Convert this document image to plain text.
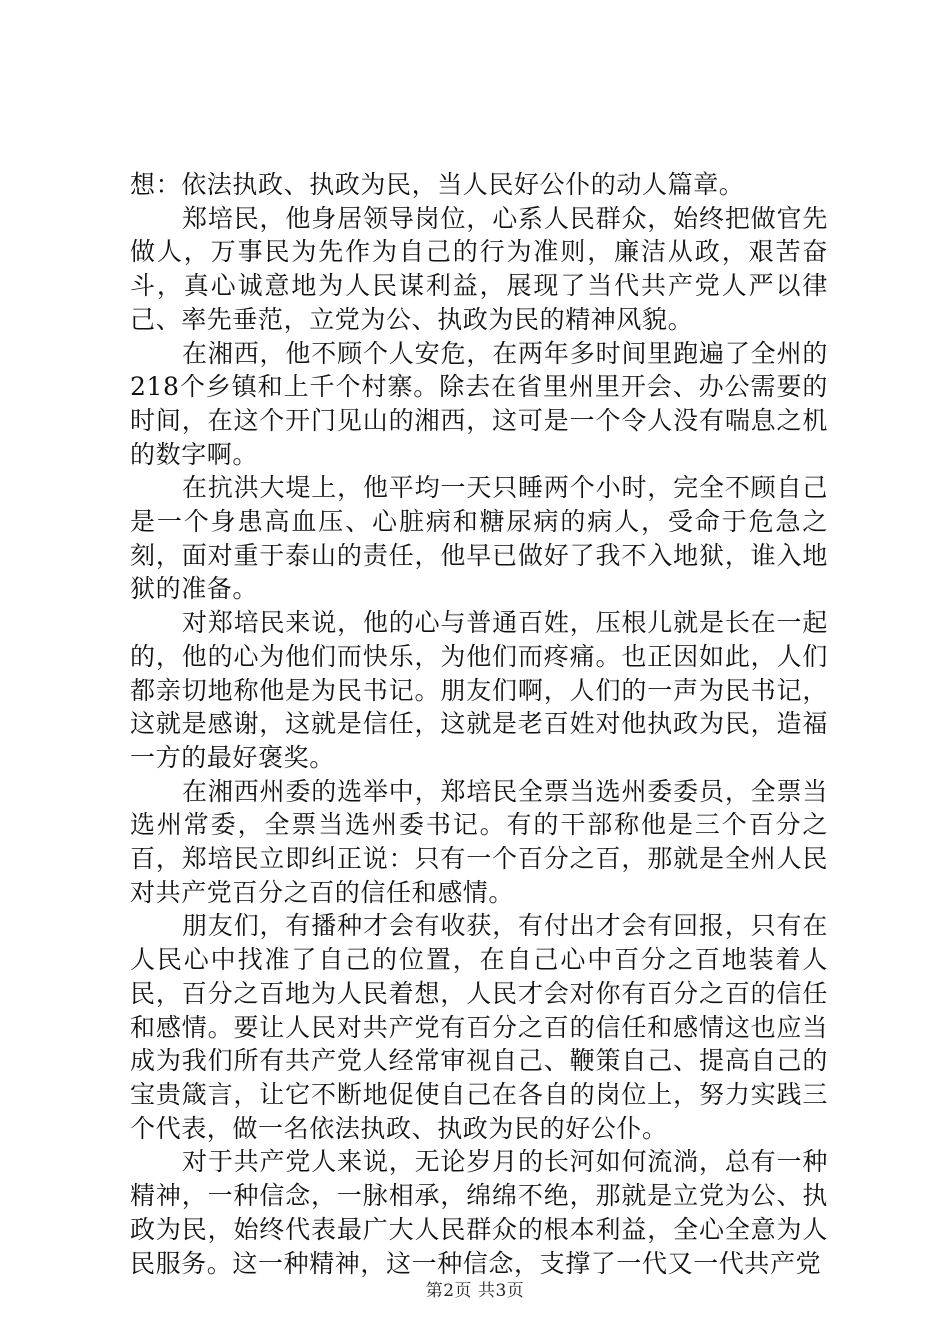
想：依法执政、执政为民，当人民好公仆的动人篇章。

郑培民，他身居领导岗位，心系人民群众，始终把做官先做人，万事民为先作为自己的行为准则，廉洁从政，艰苦奋斗，真心诚意地为人民谋利益，展现了当代共产党人严以律己、率先垂范，立党为公、执政为民的精神风貌。

在湘西，他不顾个人安危，在两年多时间里跑遍了全州的218个乡镇和上千个村寨。除去在省里州里开会、办公需要的时间，在这个开门见山的湘西，这可是一个令人没有喘息之机的数字啊。

在抗洪大堤上，他平均一天只睡两个小时，完全不顾自己是一个身患高血压、心脏病和糖尿病的病人，受命于危急之刻，面对重于泰山的责任，他早已做好了我不入地狱，谁入地狱的准备。

对郑培民来说，他的心与普通百姓，压根儿就是长在一起的，他的心为他们而快乐，为他们而疼痛。也正因如此，人们都亲切地称他是为民书记。朋友们啊，人们的一声为民书记，这就是感谢，这就是信任，这就是老百姓对他执政为民，造福一方的最好褒奖。

在湘西州委的选举中，郑培民全票当选州委委员，全票当选州常委，全票当选州委书记。有的干部称他是三个百分之百，郑培民立即纠正说：只有一个百分之百，那就是全州人民对共产党百分之百的信任和感情。

朋友们，有播种才会有收获，有付出才会有回报，只有在人民心中找准了自己的位置，在自己心中百分之百地装着人民，百分之百地为人民着想，人民才会对你有百分之百的信任和感情。要让人民对共产党有百分之百的信任和感情这也应当成为我们所有共产党人经常审视自己、鞭策自己、提高自己的宝贵箴言，让它不断地促使自己在各自的岗位上，努力实践三个代表，做一名依法执政、执政为民的好公仆。

对于共产党人来说，无论岁月的长河如何流淌，总有一种精神，一种信念，一脉相承，绵绵不绝，那就是立党为公、执政为民，始终代表最广大人民群众的根本利益，全心全意为人民服务。这一种精神，这一种信念，支撑了一代又一代共产党

第2页 共3页
